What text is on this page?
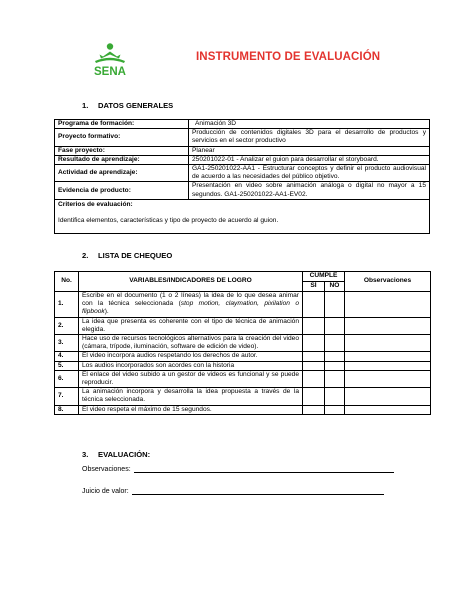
SENA
INSTRUMENTO DE EVALUACIÓN
1. DATOS GENERALES
Programa de formación:	Animación 3D
Proyecto formativo:	Producción de contenidos digitales 3D para el desarrollo de productos y servicios en el sector productivo
Fase proyecto:	Planear
Resultado de aprendizaje:	250201022-01 - Analizar el guion para desarrollar el storyboard.
Actividad de aprendizaje:	GA1-250201022-AA1 - Estructurar conceptos y definir el producto audiovisual de acuerdo a las necesidades del público objetivo.
Evidencia de producto:	Presentación en video sobre animación análoga o digital no mayor a 15 segundos. GA1-250201022-AA1-EV02.

Criterios de evaluación:
Identifica elementos, características y tipo de proyecto de acuerdo al guion.	
2. LISTA DE CHEQUEO
No.	VARIABLES/INDICADORES DE LOGRO	CUMPLE		Observaciones
		SÍ	NO	
1.	Escribe en el documento (1 o 2 líneas) la idea de lo que desea animar con la técnica seleccionada (stop motion, claymation, pixilation o flipbook).			
2.	La idea que presenta es coherente con el tipo de técnica de animación elegida.			
3.	Hace uso de recursos tecnológicos alternativos para la creación del video (cámara, trípode, iluminación, software de edición de video).			
4.	El video incorpora audios respetando los derechos de autor.			
5.	Los audios incorporados son acordes con la historia			
6.	El enlace del video subido a un gestor de videos es funcional y se puede reproducir.			
7.	La animación incorpora y desarrolla la idea propuesta a través de la técnica seleccionada.			
8.	El video respeta el máximo de 15 segundos.			
3. EVALUACIÓN:
Observaciones:
Juicio de valor:
